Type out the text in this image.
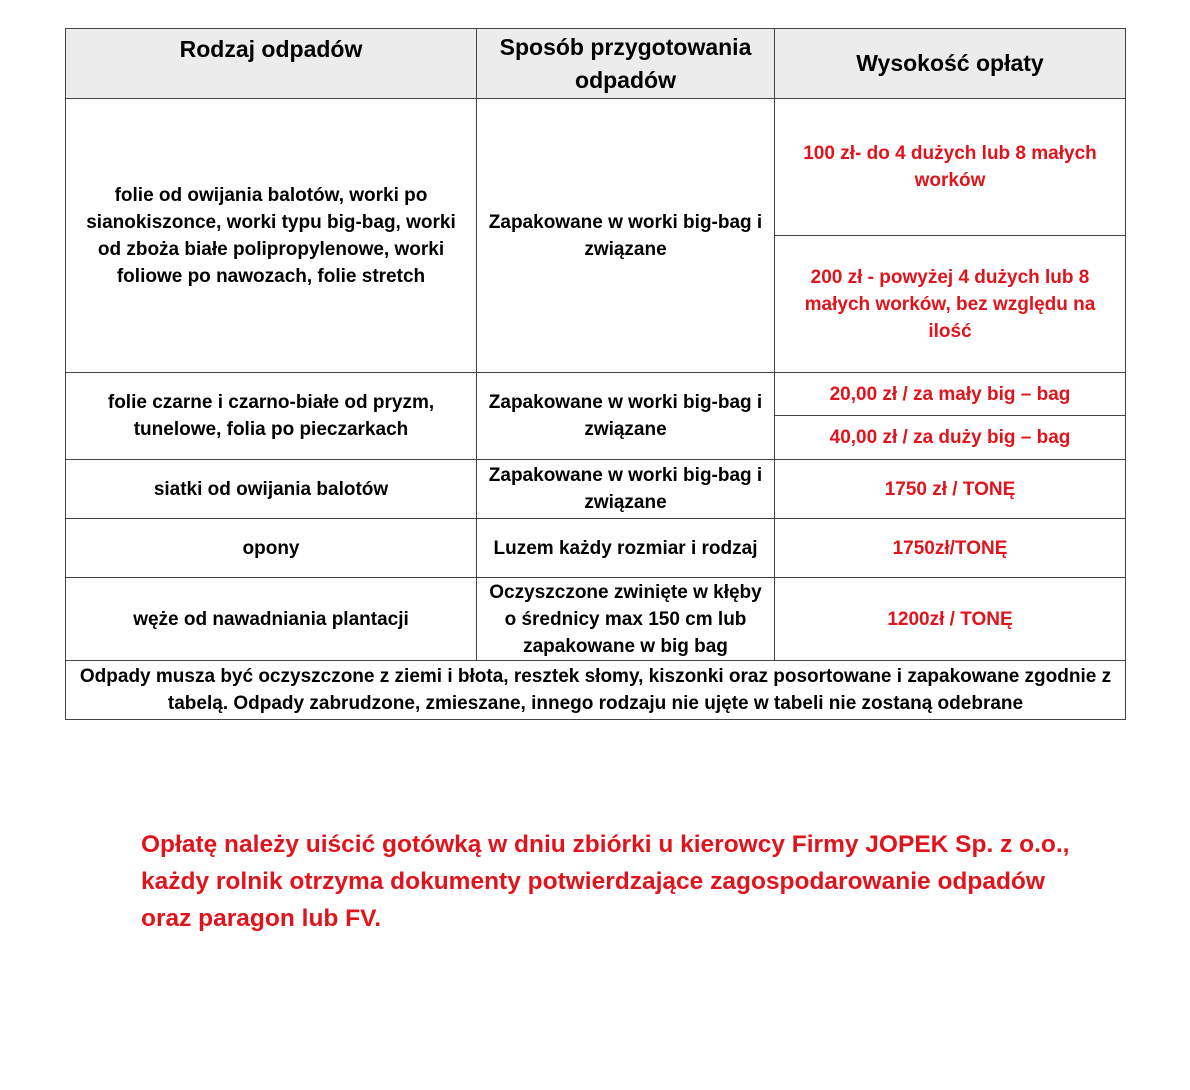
Rodzaj odpadów	Sposób przygotowania odpadów	Wysokość opłaty
folie od owijania balotów, worki po sianokiszonce, worki typu big-bag, worki od zboża białe polipropylenowe, worki foliowe po nawozach, folie stretch	Zapakowane w worki big-bag i związane	100 zł- do 4 dużych lub 8 małych worków
		200 zł - powyżej 4 dużych lub 8 małych worków, bez względu na ilość
folie czarne i czarno-białe od pryzm, tunelowe, folia po pieczarkach	Zapakowane w worki big-bag i związane	20,00 zł / za mały big – bag
		40,00 zł / za duży big – bag
siatki od owijania balotów	Zapakowane w worki big-bag i związane	1750 zł / TONĘ
opony	Luzem każdy rozmiar i rodzaj	1750zł/TONĘ
węże od nawadniania plantacji	Oczyszczone zwinięte w kłęby o średnicy max 150 cm lub zapakowane w big bag	1200zł / TONĘ
Odpady musza być oczyszczone z ziemi i błota, resztek słomy, kiszonki oraz posortowane i zapakowane zgodnie z tabelą. Odpady zabrudzone, zmieszane, innego rodzaju nie ujęte w tabeli nie zostaną odebrane		
Opłatę należy uiścić gotówką w dniu zbiórki u kierowcy Firmy JOPEK Sp. z o.o.,
każdy rolnik otrzyma dokumenty potwierdzające zagospodarowanie odpadów
oraz paragon lub FV.
